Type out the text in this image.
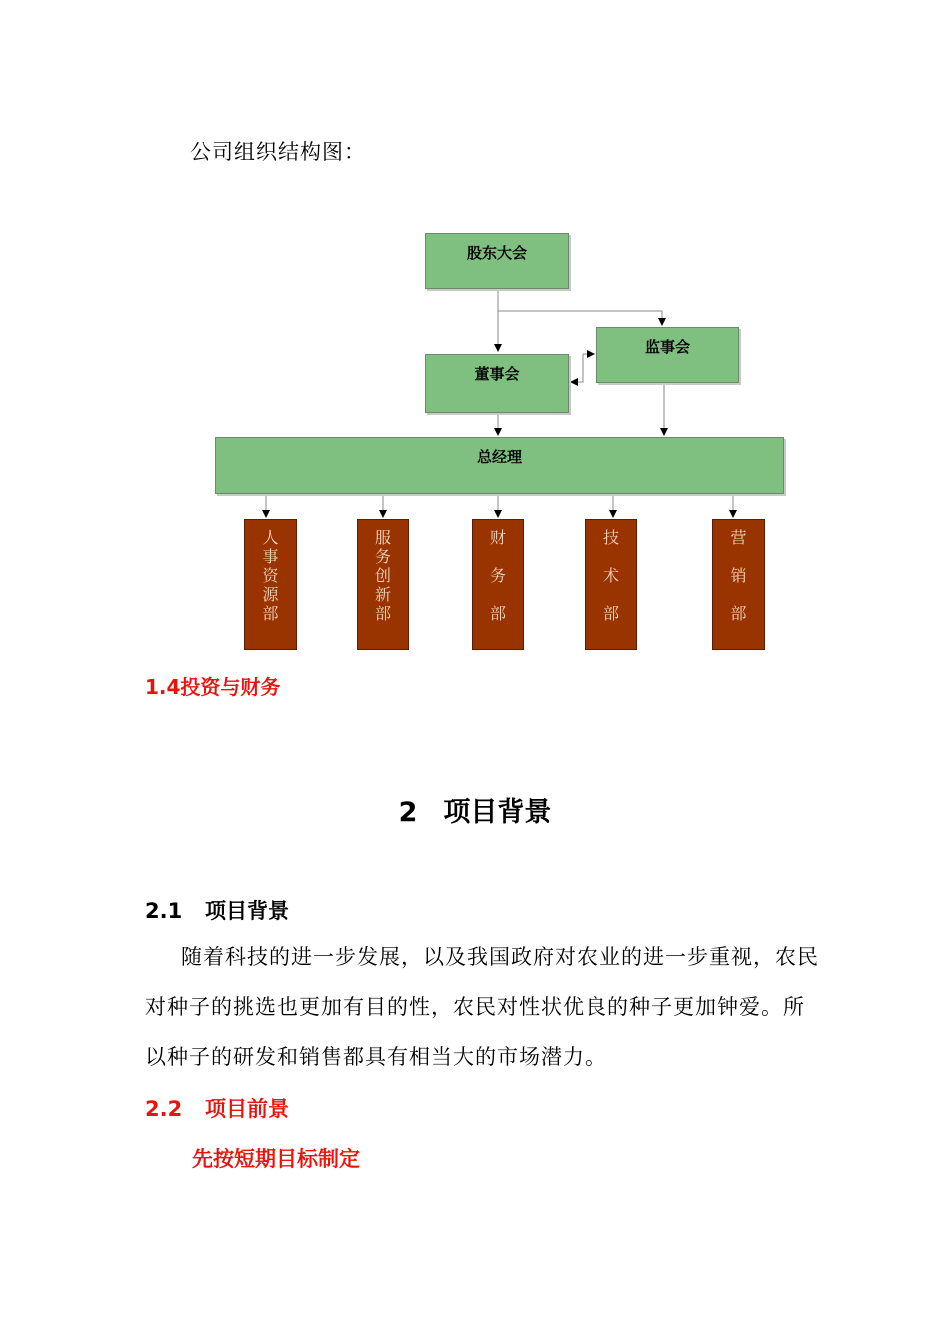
公司组织结构图：
股东大会
监事会
董事会
总经理
人事资源部
服务创新部
财务部
技术部
营销部
1.4投资与财务
2 项目背景
2.1 项目背景
随着科技的进一步发展，以及我国政府对农业的进一步重视，农民对种子的挑选也更加有目的性，农民对性状优良的种子更加钟爱。所以种子的研发和销售都具有相当大的市场潜力。
2.2 项目前景
先按短期目标制定
